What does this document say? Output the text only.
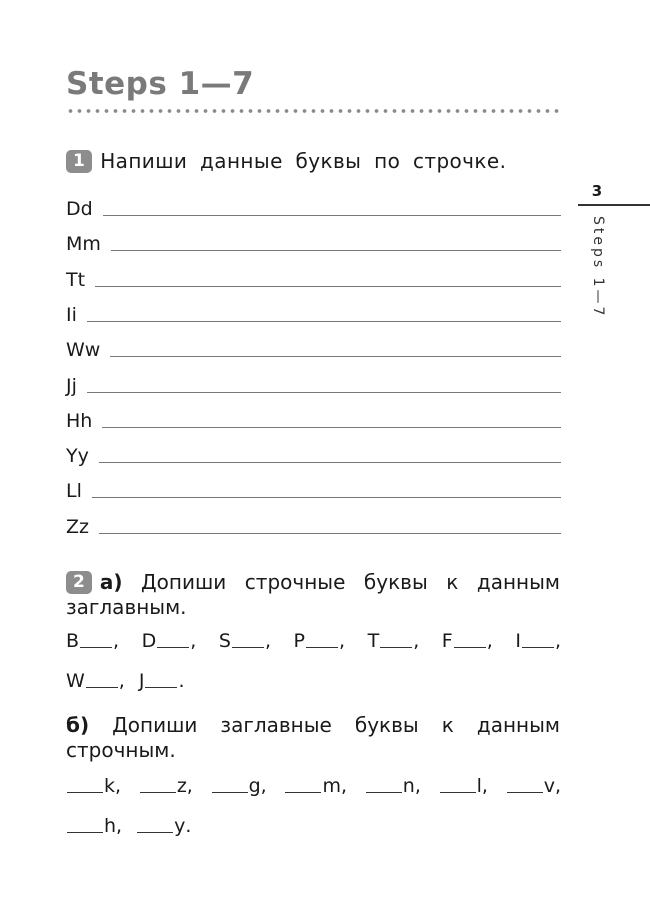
Steps 1—7
3
Steps 1—7
1 Напиши данные буквы по строчке.
Dd
Mm
Tt
Ii
Ww
Jj
Hh
Yy
Ll
Zz
2 а) Допиши строчные буквы к данным заглавным.
B , D , S , P , T , F , I ,
W , J .
б) Допиши заглавные буквы к данным строчным.
k ,	z ,	g ,	m ,	n ,	l ,	v ,
h ,	y .
